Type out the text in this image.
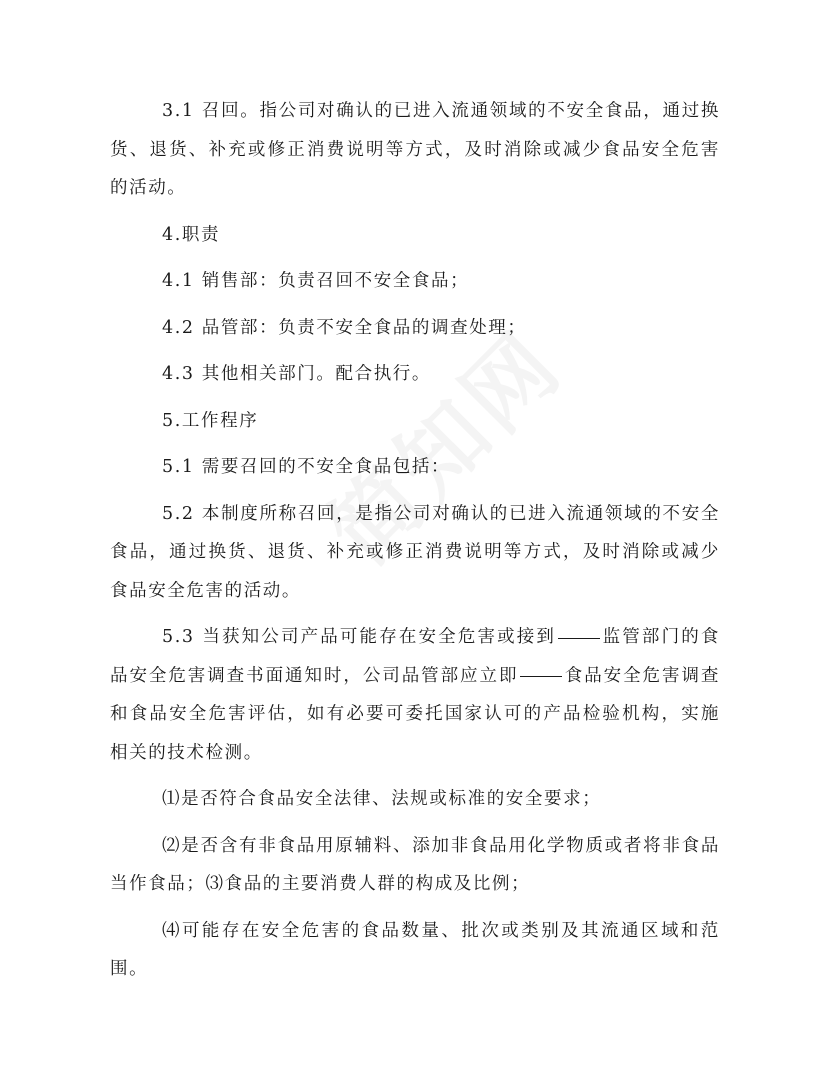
3.1 召回。指公司对确认的已进入流通领域的不安全食品，通过换货、退货、补充或修正消费说明等方式，及时消除或减少食品安全危害的活动。

4.职责

4.1 销售部：负责召回不安全食品；

4.2 品管部：负责不安全食品的调查处理；

4.3 其他相关部门。配合执行。

5.工作程序

5.1 需要召回的不安全食品包括：

5.2 本制度所称召回，是指公司对确认的已进入流通领域的不安全食品，通过换货、退货、补充或修正消费说明等方式，及时消除或减少食品安全危害的活动。

5.3 当获知公司产品可能存在安全危害或接到	监管部门的食品安全危害调查书面通知时，公司品管部应立即	食品安全危害调查和食品安全危害评估，如有必要可委托国家认可的产品检验机构，实施相关的技术检测。

⑴是否符合食品安全法律、法规或标准的安全要求；

⑵是否含有非食品用原辅料、添加非食品用化学物质或者将非食品当作食品；⑶食品的主要消费人群的构成及比例；

⑷可能存在安全危害的食品数量、批次或类别及其流通区域和范围。
